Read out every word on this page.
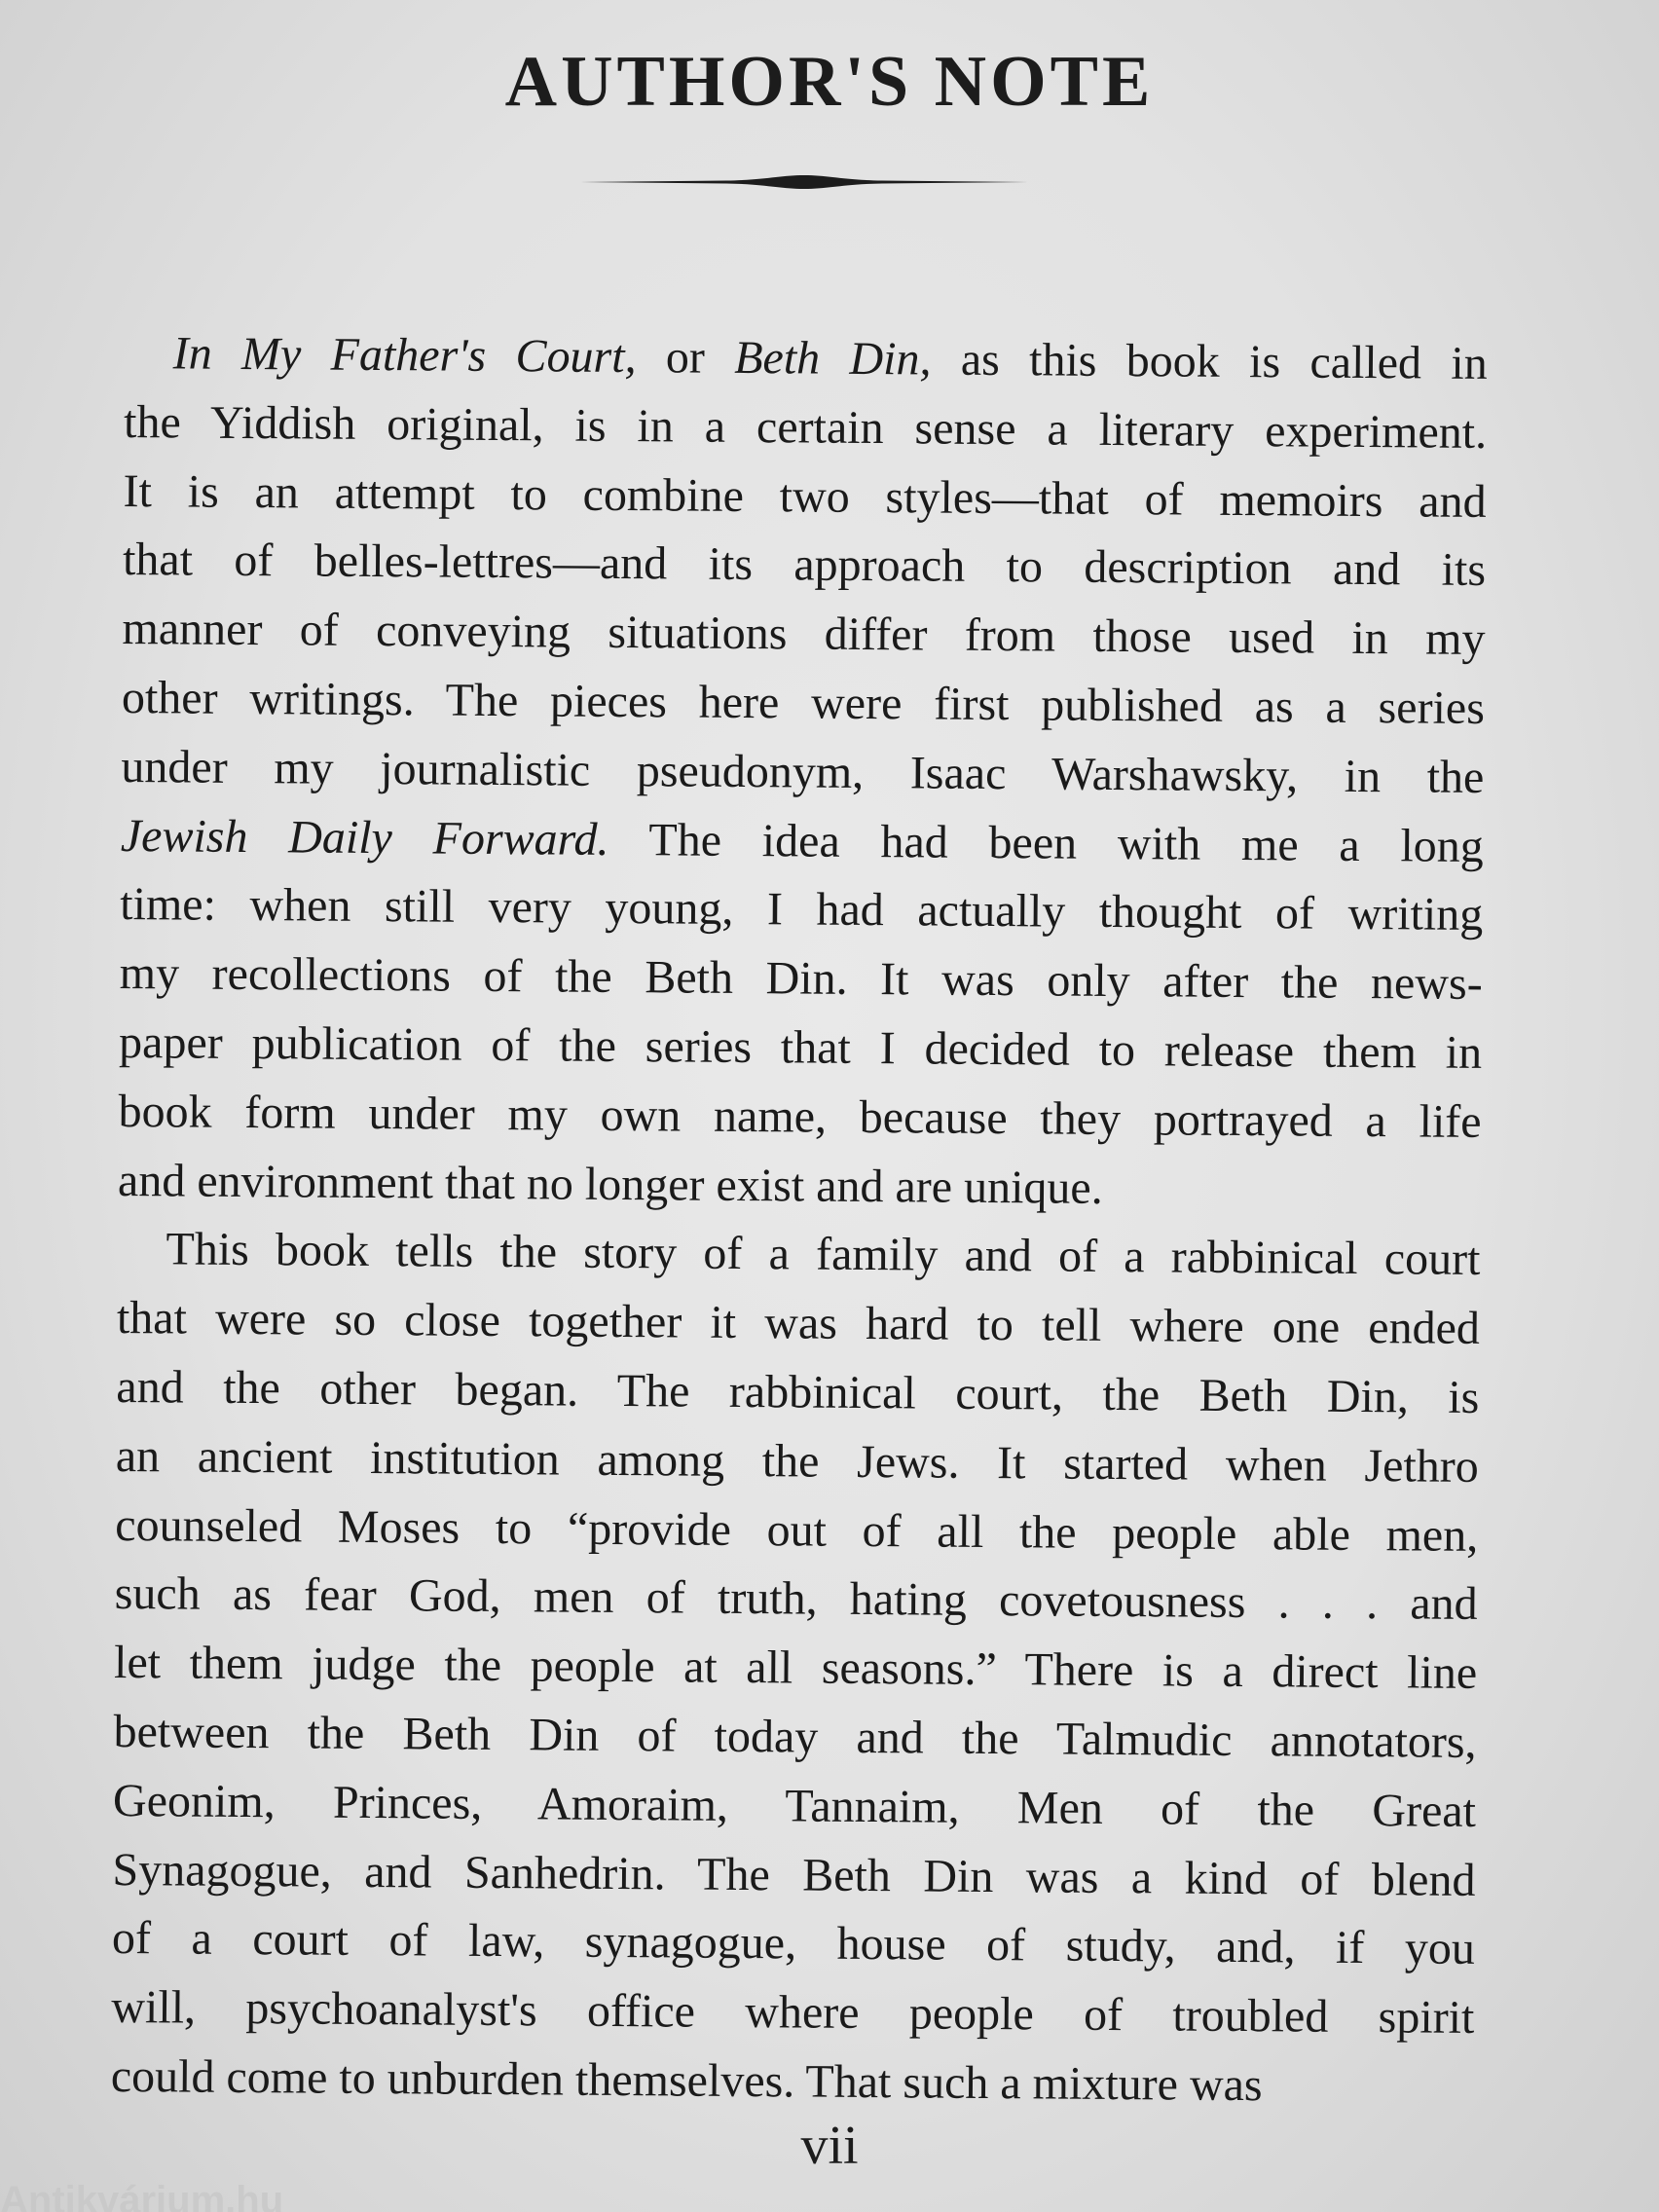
AUTHOR'S NOTE
In My Father's Court, or Beth Din, as this book is called in
the Yiddish original, is in a certain sense a literary experiment.
It is an attempt to combine two styles—that of memoirs and
that of belles-lettres—and its approach to description and its
manner of conveying situations differ from those used in my
other writings. The pieces here were first published as a series
under my journalistic pseudonym, Isaac Warshawsky, in the
Jewish Daily Forward. The idea had been with me a long
time: when still very young, I had actually thought of writing
my recollections of the Beth Din. It was only after the news-
paper publication of the series that I decided to release them in
book form under my own name, because they portrayed a life
and environment that no longer exist and are unique.
This book tells the story of a family and of a rabbinical court
that were so close together it was hard to tell where one ended
and the other began. The rabbinical court, the Beth Din, is
an ancient institution among the Jews. It started when Jethro
counseled Moses to “provide out of all the people able men,
such as fear God, men of truth, hating covetousness . . . and
let them judge the people at all seasons.” There is a direct line
between the Beth Din of today and the Talmudic annotators,
Geonim, Princes, Amoraim, Tannaim, Men of the Great
Synagogue, and Sanhedrin. The Beth Din was a kind of blend
of a court of law, synagogue, house of study, and, if you
will, psychoanalyst's office where people of troubled spirit
could come to unburden themselves. That such a mixture was
vii
Antikvárium.hu
